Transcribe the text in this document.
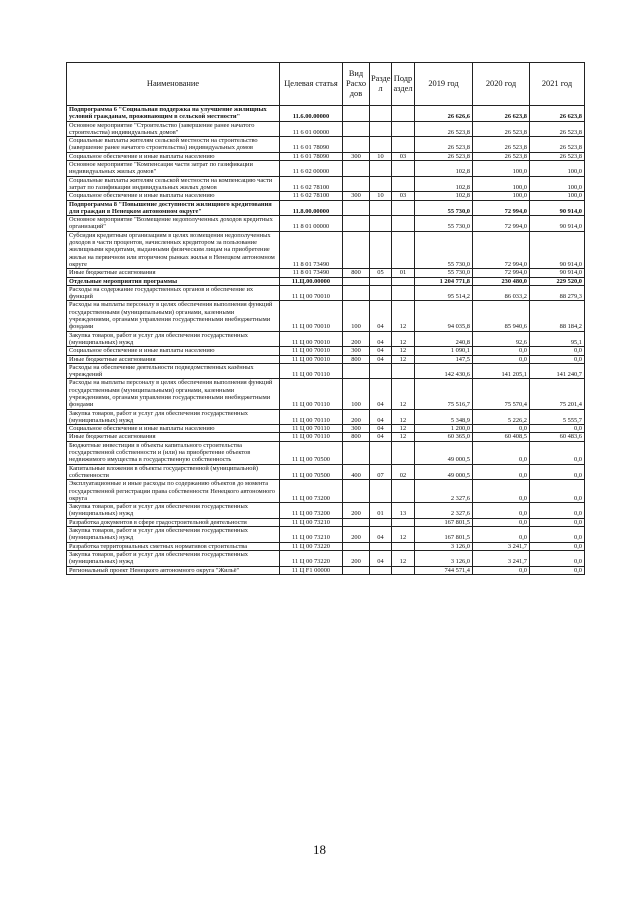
Наименование	Целевая статья	Вид Расхо дов	Разде л	Подр аздел	2019 год	2020 год	2021 год
Подпрограмма 6 "Социальная поддержка на улучшение жилищных условий гражданам, проживающим в сельской местности"	11.6.00.00000				26 626,6	26 623,8	26 623,8
Основное мероприятие "Строительство (завершение ранее начатого строительства) индивидуальных домов"	11 6 01 00000				26 523,8	26 523,8	26 523,8
Социальные выплаты жителям сельской местности на строительство (завершение ранее начатого строительства) индивидуальных домов	11 6 01 78090				26 523,8	26 523,8	26 523,8
Социальное обеспечение и иные выплаты населению	11 6 01 78090	300	10	03	26 523,8	26 523,8	26 523,8
Основное мероприятие "Компенсация части затрат по газификации индивидуальных жилых домов"	11 6 02 00000				102,8	100,0	100,0
Социальные выплаты жителям сельской местности на компенсацию части затрат по газификации индивидуальных жилых домов	11 6 02 78100				102,8	100,0	100,0
Социальное обеспечение и иные выплаты населению	11 6 02 78100	300	10	03	102,8	100,0	100,0
Подпрограмма 8 "Повышение доступности жилищного кредитования для граждан в Ненецком автономном округе"	11.8.00.00000				55 730,0	72 994,0	90 914,0
Основное мероприятие "Возмещение недополученных доходов кредитных организаций"	11 8 01 00000				55 730,0	72 994,0	90 914,0
Субсидия кредитным организациям в целях возмещения недополученных доходов в части процентов, начисленных кредитором за пользование жилищными кредитами, выданными физическим лицам на приобретение жилья на первичном или вторичном рынках жилья в Ненецком автономном округе	11 8 01 73490				55 730,0	72 994,0	90 914,0
Иные бюджетные ассигнования	11 8 01 73490	800	05	01	55 730,0	72 994,0	90 914,0
Отдельные мероприятия программы	11.Ц.00.00000				1 204 771,8	230 480,0	229 520,0
Расходы на содержание государственных органов и обеспечение их функций	11 Ц 00 70010				95 514,2	86 033,2	88 279,3
Расходы на выплаты персоналу в целях обеспечения выполнения функций государственными (муниципальными) органами, казенными учреждениями, органами управления государственными внебюджетными фондами	11 Ц 00 70010	100	04	12	94 035,8	85 940,6	88 184,2
Закупка товаров, работ и услуг для обеспечения государственных (муниципальных) нужд	11 Ц 00 70010	200	04	12	240,8	92,6	95,1
Социальное обеспечение и иные выплаты населению	11 Ц 00 70010	300	04	12	1 090,1	0,0	0,0
Иные бюджетные ассигнования	11 Ц 00 70010	800	04	12	147,5	0,0	0,0
Расходы на обеспечение деятельности подведомственных казённых учреждений	11 Ц 00 70110				142 430,6	141 205,1	141 240,7
Расходы на выплаты персоналу в целях обеспечения выполнения функций государственными (муниципальными) органами, казенными учреждениями, органами управления государственными внебюджетными фондами	11 Ц 00 70110	100	04	12	75 516,7	75 570,4	75 201,4
Закупка товаров, работ и услуг для обеспечения государственных (муниципальных) нужд	11 Ц 00 70110	200	04	12	5 348,9	5 226,2	5 555,7
Социальное обеспечение и иные выплаты населению	11 Ц 00 70110	300	04	12	1 200,0	0,0	0,0
Иные бюджетные ассигнования	11 Ц 00 70110	800	04	12	60 365,0	60 408,5	60 483,6
Бюджетные инвестиции в объекты капитального строительства государственной собственности и (или) на приобретение объектов недвижимого имущества в государственную собственность	11 Ц 00 70500				49 000,5	0,0	0,0
Капитальные вложения в объекты государственной (муниципальной) собственности	11 Ц 00 70500	400	07	02	49 000,5	0,0	0,0
Эксплуатационные и иные расходы по содержанию объектов до момента государственной регистрации права собственности Ненецкого автономного округа	11 Ц 00 73200				2 327,6	0,0	0,0
Закупка товаров, работ и услуг для обеспечения государственных (муниципальных) нужд	11 Ц 00 73200	200	01	13	2 327,6	0,0	0,0
Разработка документов в сфере градостроительной деятельности	11 Ц 00 73210				167 801,5	0,0	0,0
Закупка товаров, работ и услуг для обеспечения государственных (муниципальных) нужд	11 Ц 00 73210	200	04	12	167 801,5	0,0	0,0
Разработка территориальных сметных нормативов строительства	11 Ц 00 73220				3 126,0	3 241,7	0,0
Закупка товаров, работ и услуг для обеспечения государственных (муниципальных) нужд	11 Ц 00 73220	200	04	12	3 126,0	3 241,7	0,0
Региональный проект Ненецкого автономного округа "Жильё"	11 Ц F1 00000				744 571,4	0,0	0,0
18
